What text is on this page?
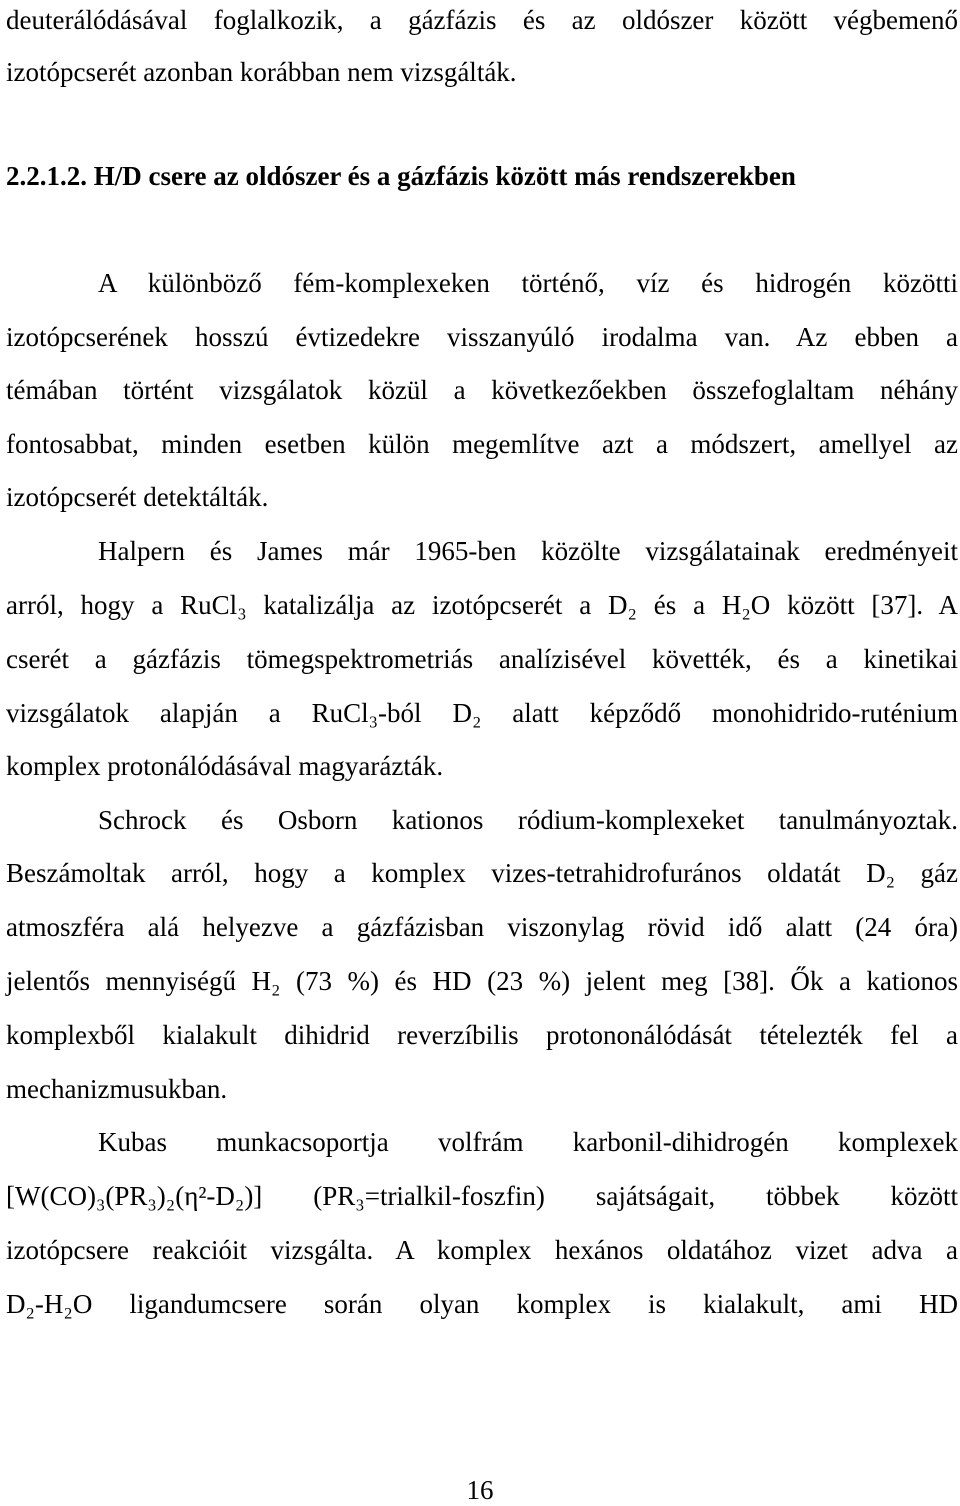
deuterálódásával foglalkozik, a gázfázis és az oldószer között végbemenő

izotópcserét azonban korábban nem vizsgálták.

2.2.1.2. H/D csere az oldószer és a gázfázis között más rendszerekben

A különböző fém-komplexeken történő, víz és hidrogén közötti

izotópcserének hosszú évtizedekre visszanyúló irodalma van. Az ebben a

témában történt vizsgálatok közül a következőekben összefoglaltam néhány

fontosabbat, minden esetben külön megemlítve azt a módszert, amellyel az

izotópcserét detektálták.

Halpern és James már 1965-ben közölte vizsgálatainak eredményeit

arról, hogy a RuCl₃ katalizálja az izotópcserét a D₂ és a H₂O között [37]. A

cserét a gázfázis tömegspektrometriás analízisével követték, és a kinetikai

vizsgálatok alapján a RuCl₃-ból D₂ alatt képződő monohidrido-ruténium

komplex protonálódásával magyarázták.

Schrock és Osborn kationos ródium-komplexeket tanulmányoztak.

Beszámoltak arról, hogy a komplex vizes-tetrahidrofurános oldatát D₂ gáz

atmoszféra alá helyezve a gázfázisban viszonylag rövid idő alatt (24 óra)

jelentős mennyiségű H₂ (73 %) és HD (23 %) jelent meg [38]. Ők a kationos

komplexből kialakult dihidrid reverzíbilis protononálódását tételezték fel a

mechanizmusukban.

Kubas munkacsoportja volfrám karbonil-dihidrogén komplexek

[W(CO)₃(PR₃)₂(η²-D₂)] (PR₃=trialkil-foszfin) sajátságait, többek között

izotópcsere reakcióit vizsgálta. A komplex hexános oldatához vizet adva a

D₂-H₂O ligandumcsere során olyan komplex is kialakult, ami HD

16
